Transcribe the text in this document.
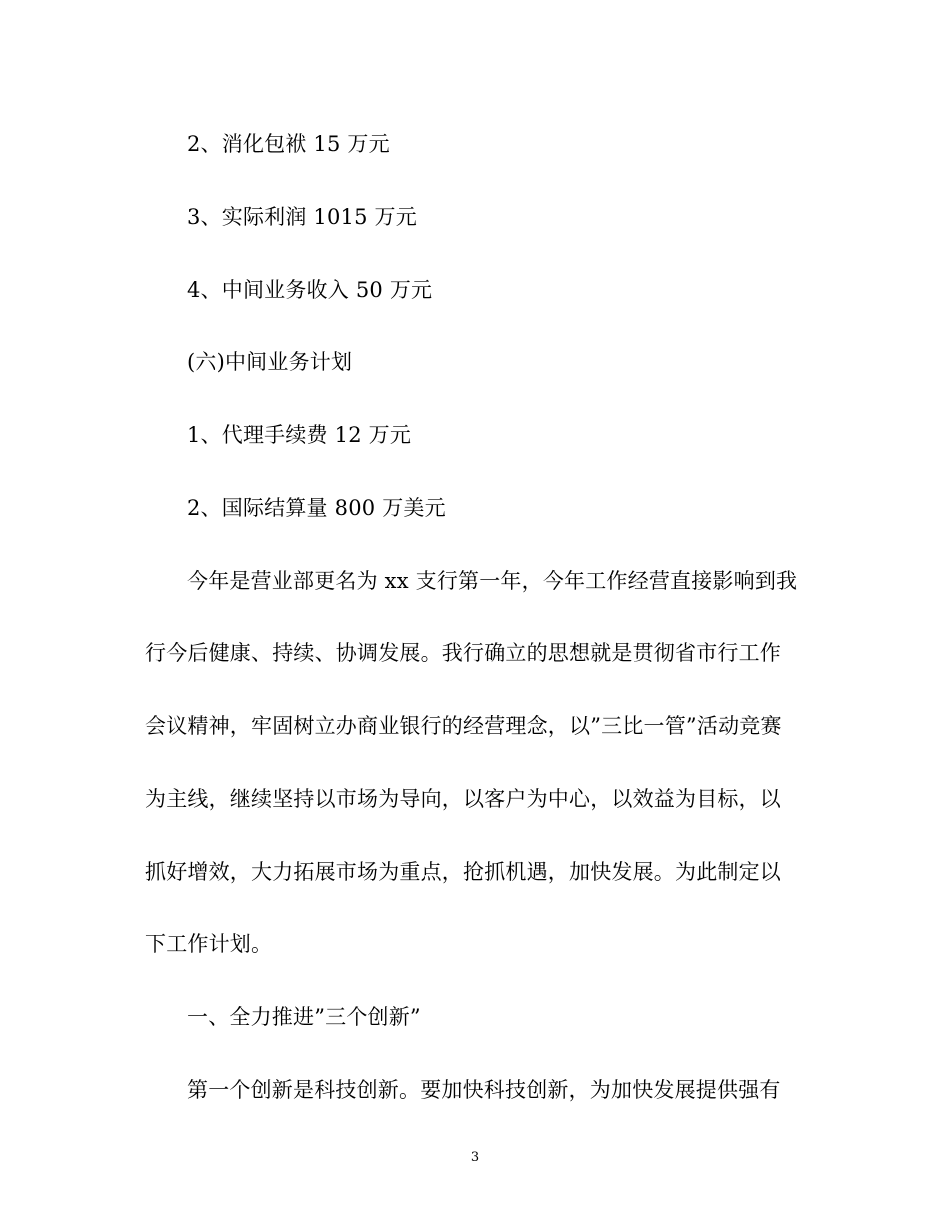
2、消化包袱 15 万元
3、实际利润 1015 万元
4、中间业务收入 50 万元
(六)中间业务计划
1、代理手续费 12 万元
2、国际结算量 800 万美元
今年是营业部更名为 xx 支行第一年，今年工作经营直接影响到我
行今后健康、持续、协调发展。我行确立的思想就是贯彻省市行工作
会议精神，牢固树立办商业银行的经营理念，以”三比一管”活动竞赛
为主线，继续坚持以市场为导向，以客户为中心，以效益为目标，以
抓好增效，大力拓展市场为重点，抢抓机遇，加快发展。为此制定以
下工作计划。
一、全力推进”三个创新”
第一个创新是科技创新。要加快科技创新，为加快发展提供强有
3
